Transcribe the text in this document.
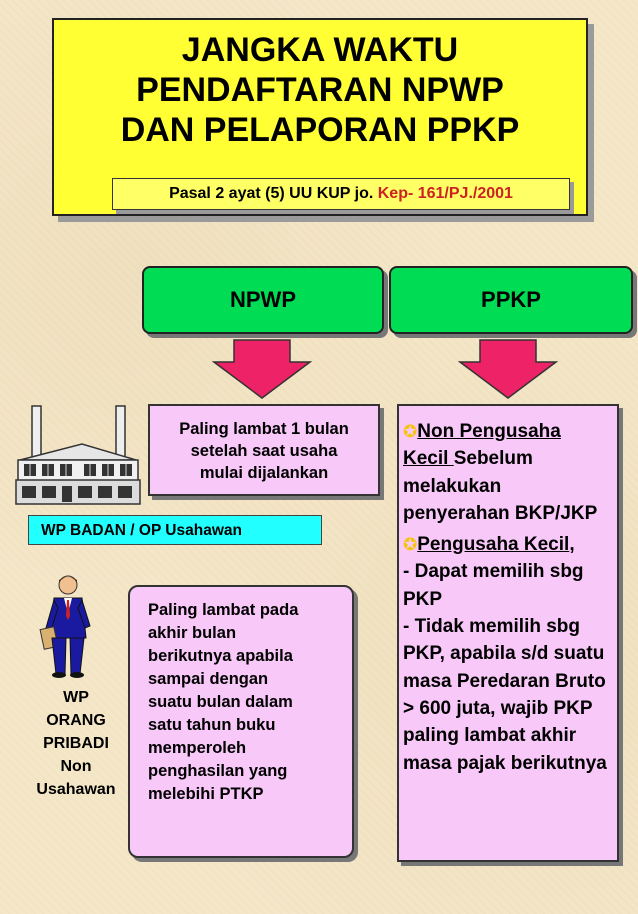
JANGKA WAKTU
PENDAFTARAN NPWP
DAN PELAPORAN PPKP
Pasal 2 ayat (5) UU KUP jo. Kep- 161/PJ./2001
NPWP	PPKP
Paling lambat 1 bulan
setelah saat usaha
mulai dijalankan
WP BADAN / OP Usahawan
WP
ORANG
PRIBADI
Non
Usahawan
Paling lambat pada
akhir bulan
berikutnya apabila
sampai dengan
suatu bulan dalam
satu tahun buku
memperoleh
penghasilan yang
melebihi PTKP
✪Non Pengusaha Kecil Sebelum melakukan penyerahan BKP/JKP
✪Pengusaha Kecil,
- Dapat memilih sbg PKP
- Tidak memilih sbg PKP, apabila s/d suatu masa Peredaran Bruto > 600 juta, wajib PKP paling lambat akhir masa pajak berikutnya
